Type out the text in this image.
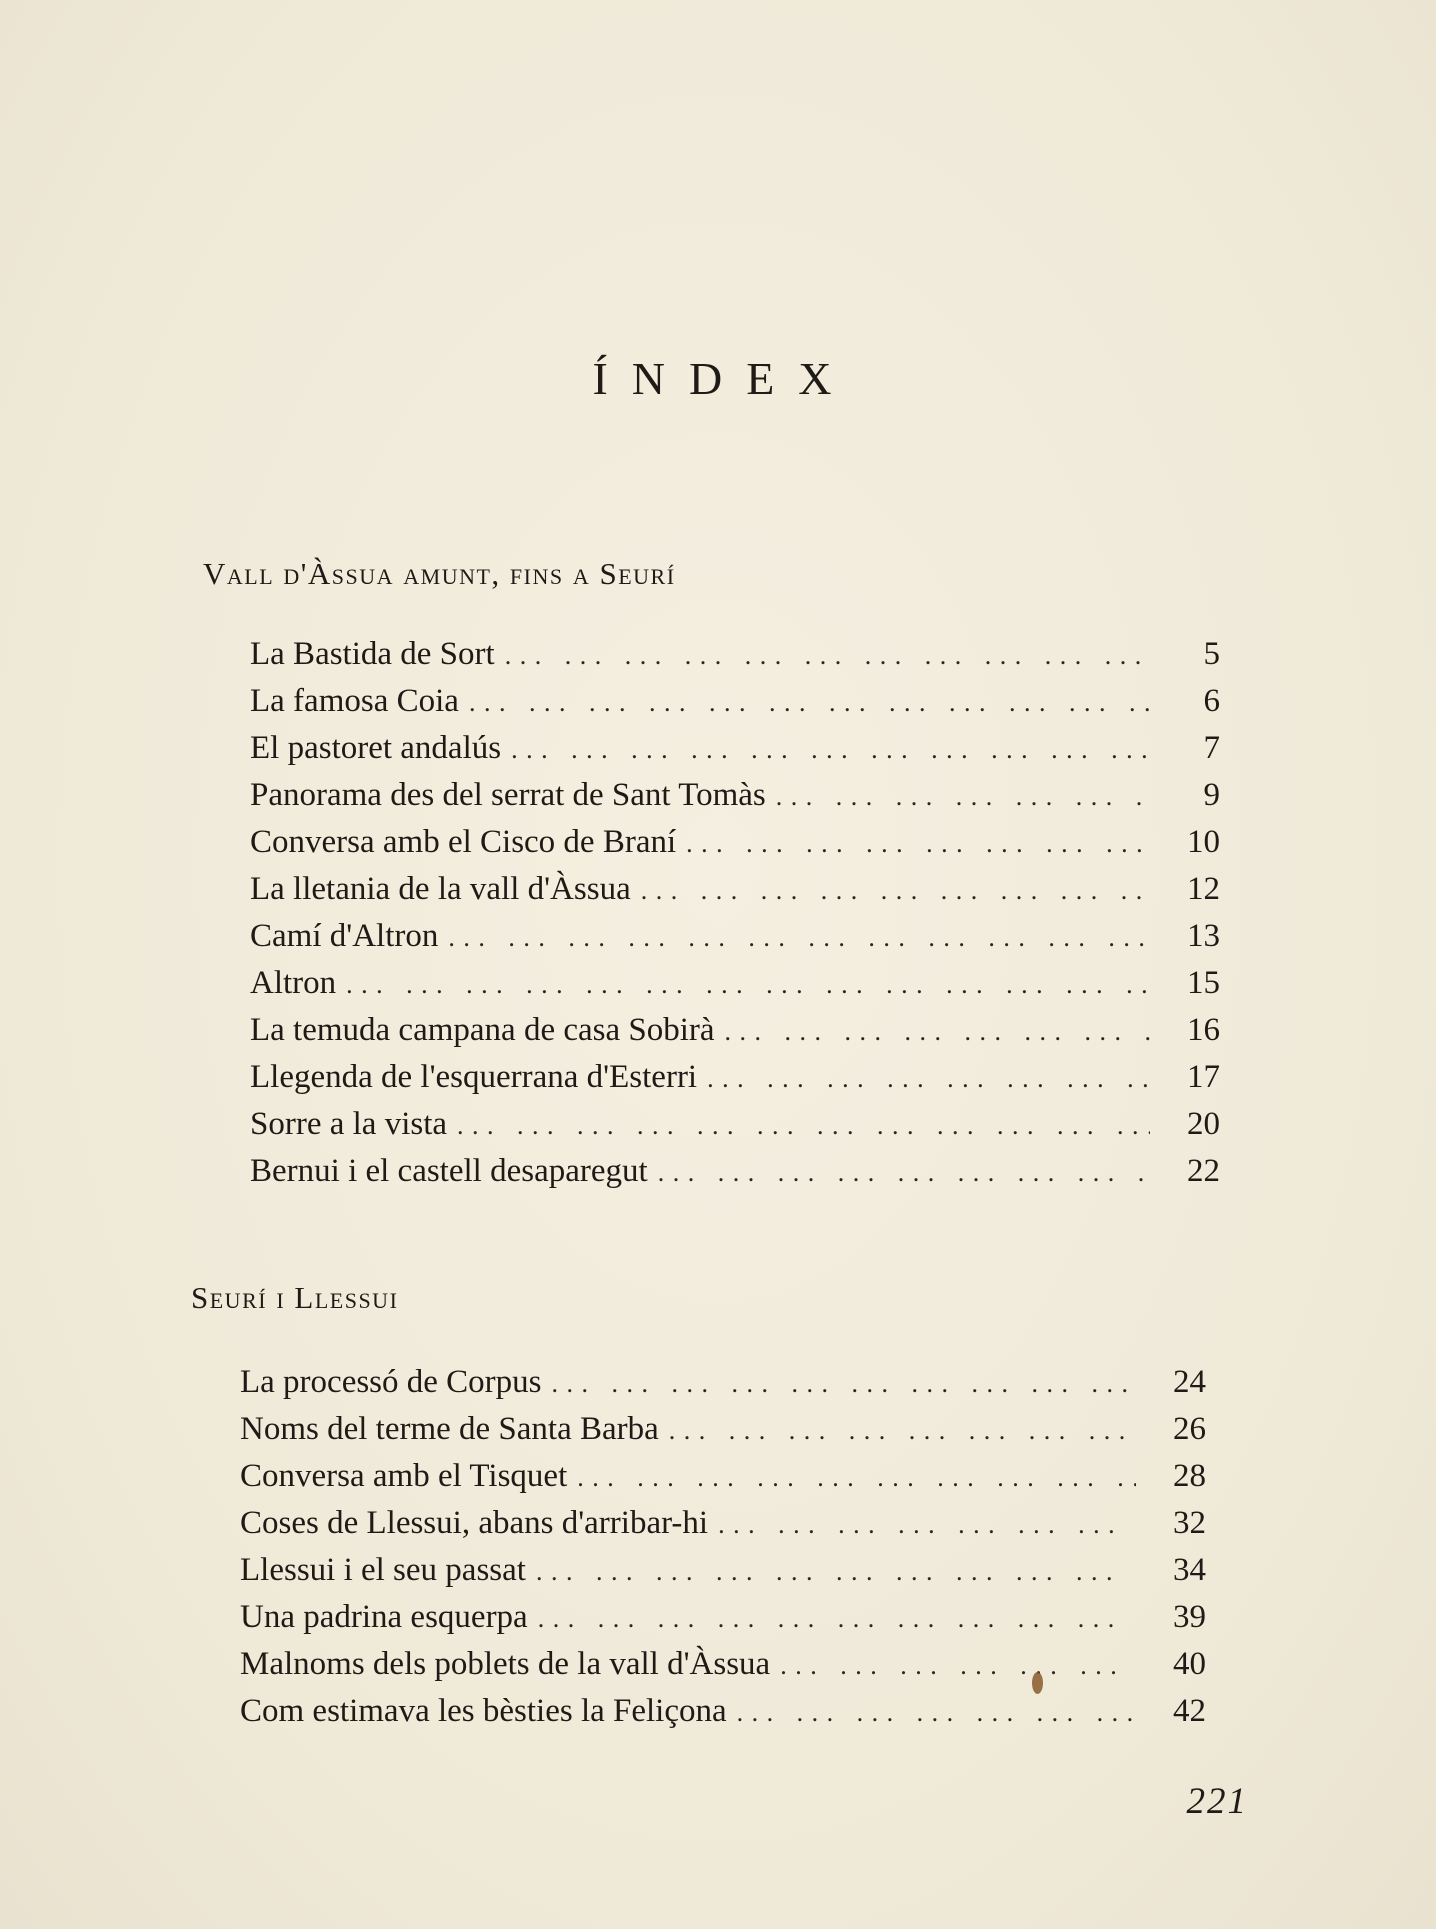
ÍNDEX
Vall d'Àssua amunt, fins a Seurí
La Bastida de Sort . . .	5
La famosa Coia . . .	6
El pastoret andalús . . .	7
Panorama des del serrat de Sant Tomàs . . .	9
Conversa amb el Cisco de Braní . . .	10
La lletania de la vall d'Àssua . . .	12
Camí d'Altron . . .	13
Altron . . .	15
La temuda campana de casa Sobirà . . .	16
Llegenda de l'esquerrana d'Esterri . . .	17
Sorre a la vista . . .	20
Bernui i el castell desaparegut . . .	22
Seurí i Llessui
La processó de Corpus . . .	24
Noms del terme de Santa Barba . . .	26
Conversa amb el Tisquet . . .	28
Coses de Llessui, abans d'arribar-hi . . .	32
Llessui i el seu passat . . .	34
Una padrina esquerpa . . .	39
Malnoms dels poblets de la vall d'Àssua . . .	40
Com estimava les bèsties la Feliçona . . .	42
221
